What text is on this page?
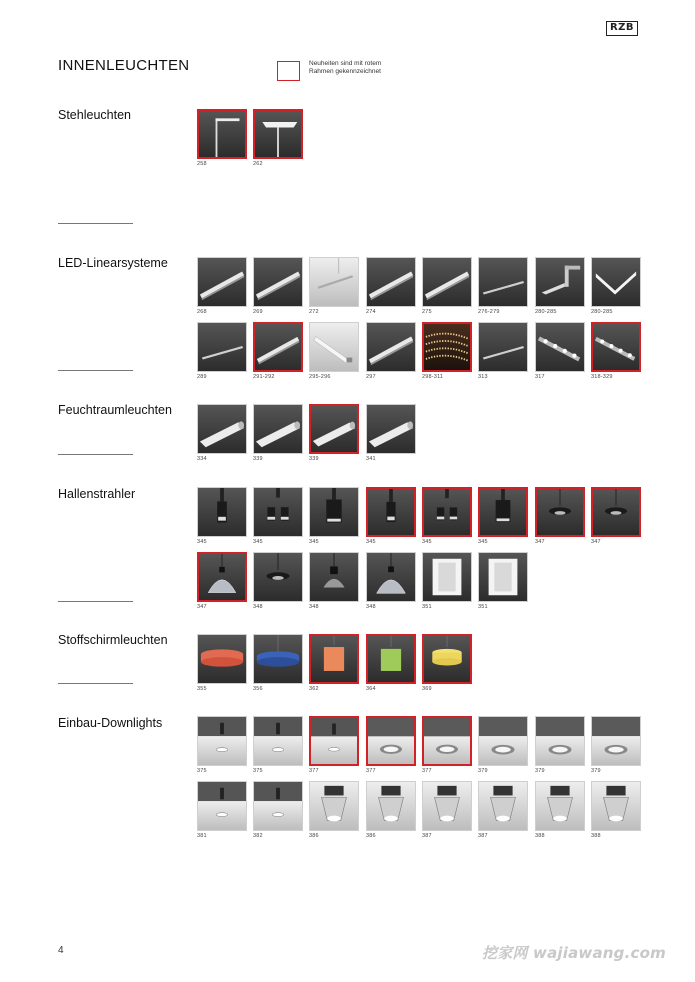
RZB
INNENLEUCHTEN	Neuheiten sind mit rotem Rahmen gekennzeichnet
Stehleuchten
LED-Linearsysteme
Feuchtraumleuchten
Hallenstrahler
Stoffschirmleuchten
Einbau-Downlights
258	262
268	269	272	274	275	276-279	280-285	280-285
289	291-292	295-296	297	298-311	313	317	318-329
334	339	339	341
345	345	345	345	345	345	347	347
347	348	348	348	351	351
355	356	362	364	369
375	375	377	377	377	379	379	379
381	382	386	386	387	387	388	388
4	挖家网 wajiawang.com
